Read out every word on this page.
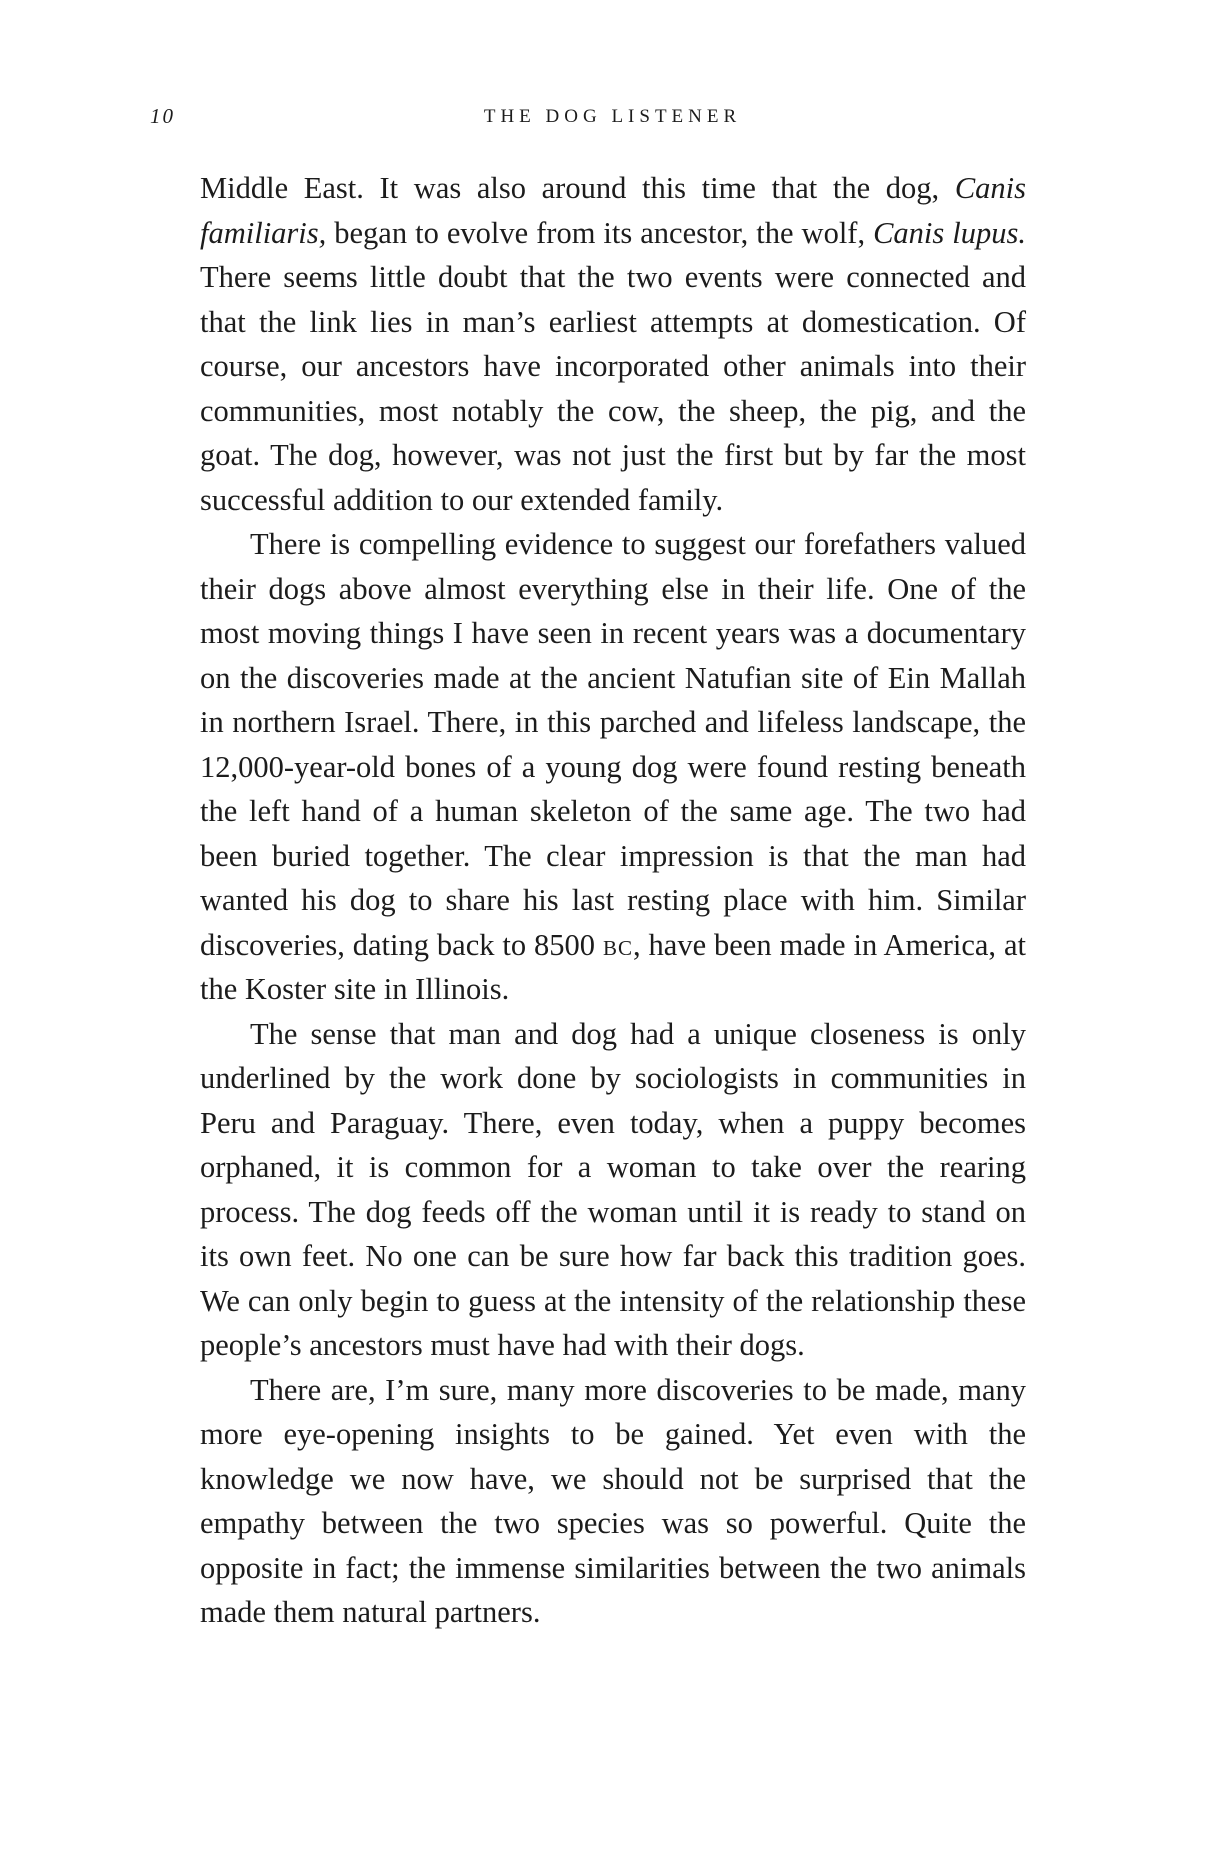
10	THE DOG LISTENER

Middle East. It was also around this time that the dog, Canis familiaris, began to evolve from its ancestor, the wolf, Canis lupus. There seems little doubt that the two events were connected and that the link lies in man’s earliest attempts at domestication. Of course, our ancestors have incorporated other animals into their communities, most notably the cow, the sheep, the pig, and the goat. The dog, however, was not just the first but by far the most successful addition to our extended family.

There is compelling evidence to suggest our forefathers valued their dogs above almost everything else in their life. One of the most moving things I have seen in recent years was a documentary on the discoveries made at the ancient Natufian site of Ein Mallah in northern Israel. There, in this parched and lifeless landscape, the 12,000-year-old bones of a young dog were found resting beneath the left hand of a human skeleton of the same age. The two had been buried together. The clear impression is that the man had wanted his dog to share his last resting place with him. Similar discoveries, dating back to 8500 bc, have been made in America, at the Koster site in Illinois.

The sense that man and dog had a unique closeness is only underlined by the work done by sociologists in communities in Peru and Paraguay. There, even today, when a puppy becomes orphaned, it is common for a woman to take over the rearing process. The dog feeds off the woman until it is ready to stand on its own feet. No one can be sure how far back this tradition goes. We can only begin to guess at the intensity of the relationship these people’s ancestors must have had with their dogs.

There are, I’m sure, many more discoveries to be made, many more eye-opening insights to be gained. Yet even with the knowledge we now have, we should not be surprised that the empathy between the two species was so powerful. Quite the opposite in fact; the immense similarities between the two animals made them natural partners.
